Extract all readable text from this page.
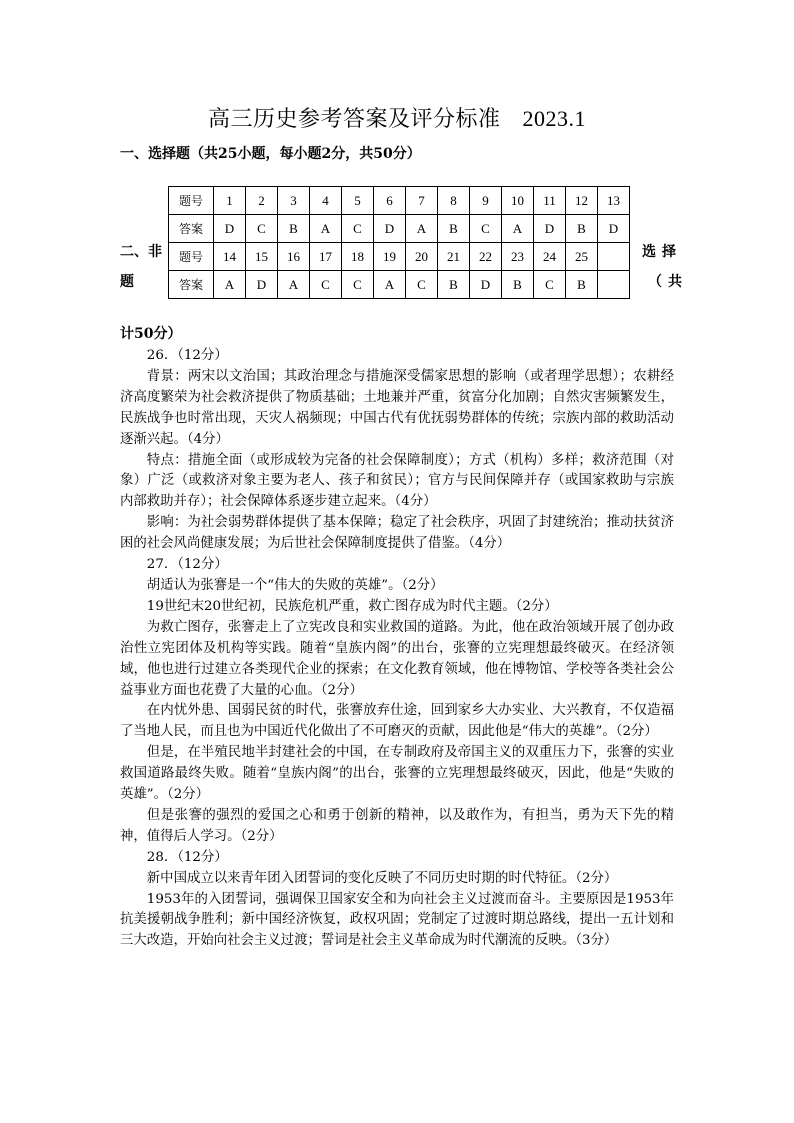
高三历史参考答案及评分标准 2023.1
一、选择题（共25小题，每小题2分，共50分）
题号	1	2	3	4	5	6	7	8	9	10	11	12	13
答案	D	C	B	A	C	D	A	B	C	A	D	B	D
题号	14	15	16	17	18	19	20	21	22	23	24	25	
答案	A	D	A	C	C	A	C	B	D	B	C	B	
二、非
题
选择
（共
计50分）

26．（12分）

背景：两宋以文治国；其政治理念与措施深受儒家思想的影响（或者理学思想）；农耕经济高度繁荣为社会救济提供了物质基础；土地兼并严重，贫富分化加剧；自然灾害频繁发生，民族战争也时常出现，天灾人祸频现；中国古代有优抚弱势群体的传统；宗族内部的救助活动逐渐兴起。（4分）

特点：措施全面（或形成较为完备的社会保障制度）；方式（机构）多样；救济范围（对象）广泛（或救济对象主要为老人、孩子和贫民）；官方与民间保障并存（或国家救助与宗族内部救助并存）；社会保障体系逐步建立起来。（4分）

影响：为社会弱势群体提供了基本保障；稳定了社会秩序，巩固了封建统治；推动扶贫济困的社会风尚健康发展；为后世社会保障制度提供了借鉴。（4分）

27．（12分）

胡适认为张謇是一个“伟大的失败的英雄”。（2分）

19世纪末20世纪初，民族危机严重，救亡图存成为时代主题。（2分）

为救亡图存，张謇走上了立宪改良和实业救国的道路。为此，他在政治领域开展了创办政治性立宪团体及机构等实践。随着“皇族内阁”的出台，张謇的立宪理想最终破灭。在经济领域，他也进行过建立各类现代企业的探索；在文化教育领域，他在博物馆、学校等各类社会公益事业方面也花费了大量的心血。（2分）

在内忧外患、国弱民贫的时代，张謇放弃仕途，回到家乡大办实业、大兴教育，不仅造福了当地人民，而且也为中国近代化做出了不可磨灭的贡献，因此他是“伟大的英雄”。（2分）

但是，在半殖民地半封建社会的中国，在专制政府及帝国主义的双重压力下，张謇的实业救国道路最终失败。随着“皇族内阁”的出台，张謇的立宪理想最终破灭，因此，他是“失败的英雄”。（2分）

但是张謇的强烈的爱国之心和勇于创新的精神，以及敢作为，有担当，勇为天下先的精神，值得后人学习。（2分）

28．（12分）

新中国成立以来青年团入团誓词的变化反映了不同历史时期的时代特征。（2分）

1953年的入团誓词，强调保卫国家安全和为向社会主义过渡而奋斗。主要原因是1953年抗美援朝战争胜利；新中国经济恢复，政权巩固；党制定了过渡时期总路线，提出一五计划和三大改造，开始向社会主义过渡；誓词是社会主义革命成为时代潮流的反映。（3分）
